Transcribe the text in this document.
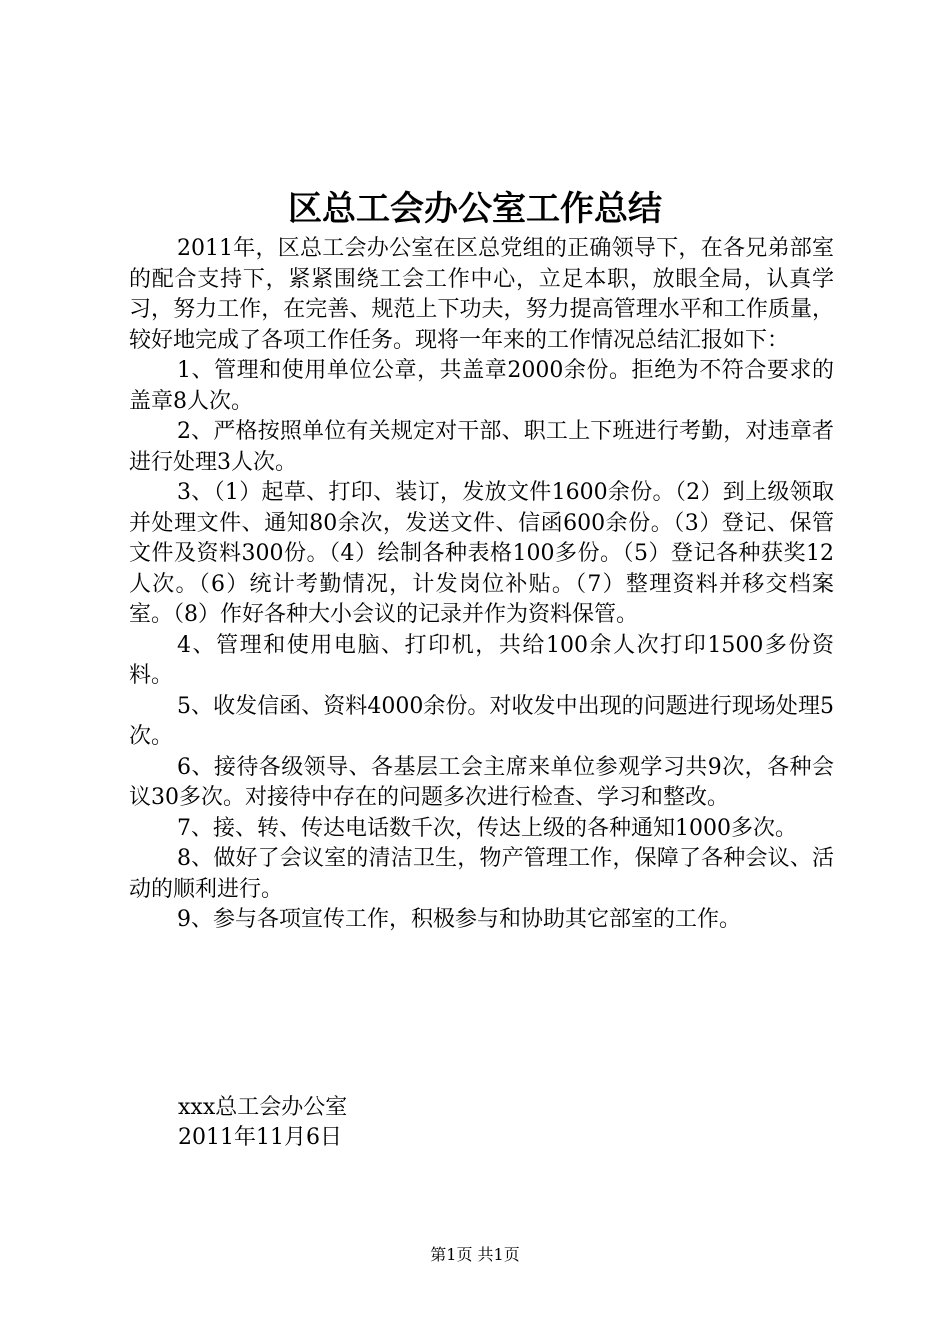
区总工会办公室工作总结

2011年，区总工会办公室在区总党组的正确领导下，在各兄弟部室的配合支持下，紧紧围绕工会工作中心，立足本职，放眼全局，认真学习，努力工作，在完善、规范上下功夫，努力提高管理水平和工作质量，较好地完成了各项工作任务。现将一年来的工作情况总结汇报如下：

1、管理和使用单位公章，共盖章2000余份。拒绝为不符合要求的盖章8人次。

2、严格按照单位有关规定对干部、职工上下班进行考勤，对违章者进行处理3人次。

3、（1）起草、打印、装订，发放文件1600余份。（2）到上级领取并处理文件、通知80余次，发送文件、信函600余份。（3）登记、保管文件及资料300份。（4）绘制各种表格100多份。（5）登记各种获奖12人次。（6）统计考勤情况，计发岗位补贴。（7）整理资料并移交档案室。（8）作好各种大小会议的记录并作为资料保管。

4、管理和使用电脑、打印机，共给100余人次打印1500多份资料。

5、收发信函、资料4000余份。对收发中出现的问题进行现场处理5次。

6、接待各级领导、各基层工会主席来单位参观学习共9次，各种会议30多次。对接待中存在的问题多次进行检查、学习和整改。

7、接、转、传达电话数千次，传达上级的各种通知1000多次。

8、做好了会议室的清洁卫生，物产管理工作，保障了各种会议、活动的顺利进行。

9、参与各项宣传工作，积极参与和协助其它部室的工作。

xxx总工会办公室

2011年11月6日

第1页 共1页
